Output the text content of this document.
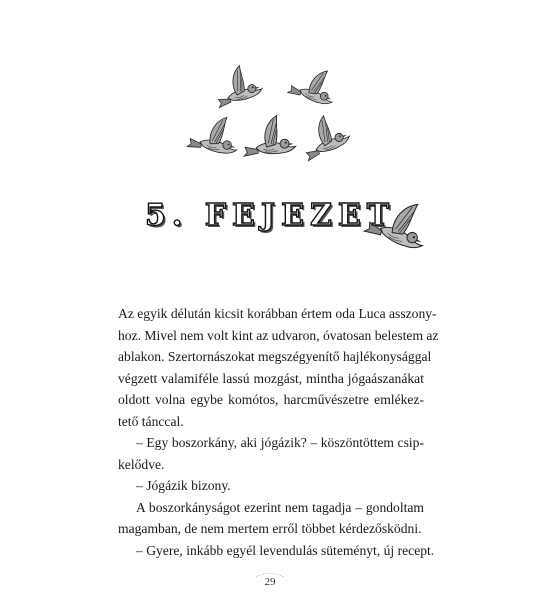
5. FEJEZET
Az egyik délután kicsit korábban értem oda Luca asszony-
hoz. Mivel nem volt kint az udvaron, óvatosan belestem az
ablakon. Szertornászokat megszégyenítő hajlékonysággal
végzett valamiféle lassú mozgást, mintha jógaászanákat
oldott volna egybe komótos, harcművészetre emlékez-
tető tánccal.
– Egy boszorkány, aki jógázik? – köszöntöttem csip-
kelődve.
– Jógázik bizony.
A boszorkányságot ezerint nem tagadja – gondoltam
magamban, de nem mertem erről többet kérdezősködni.
– Gyere, inkább egyél levendulás süteményt, új recept.
29
